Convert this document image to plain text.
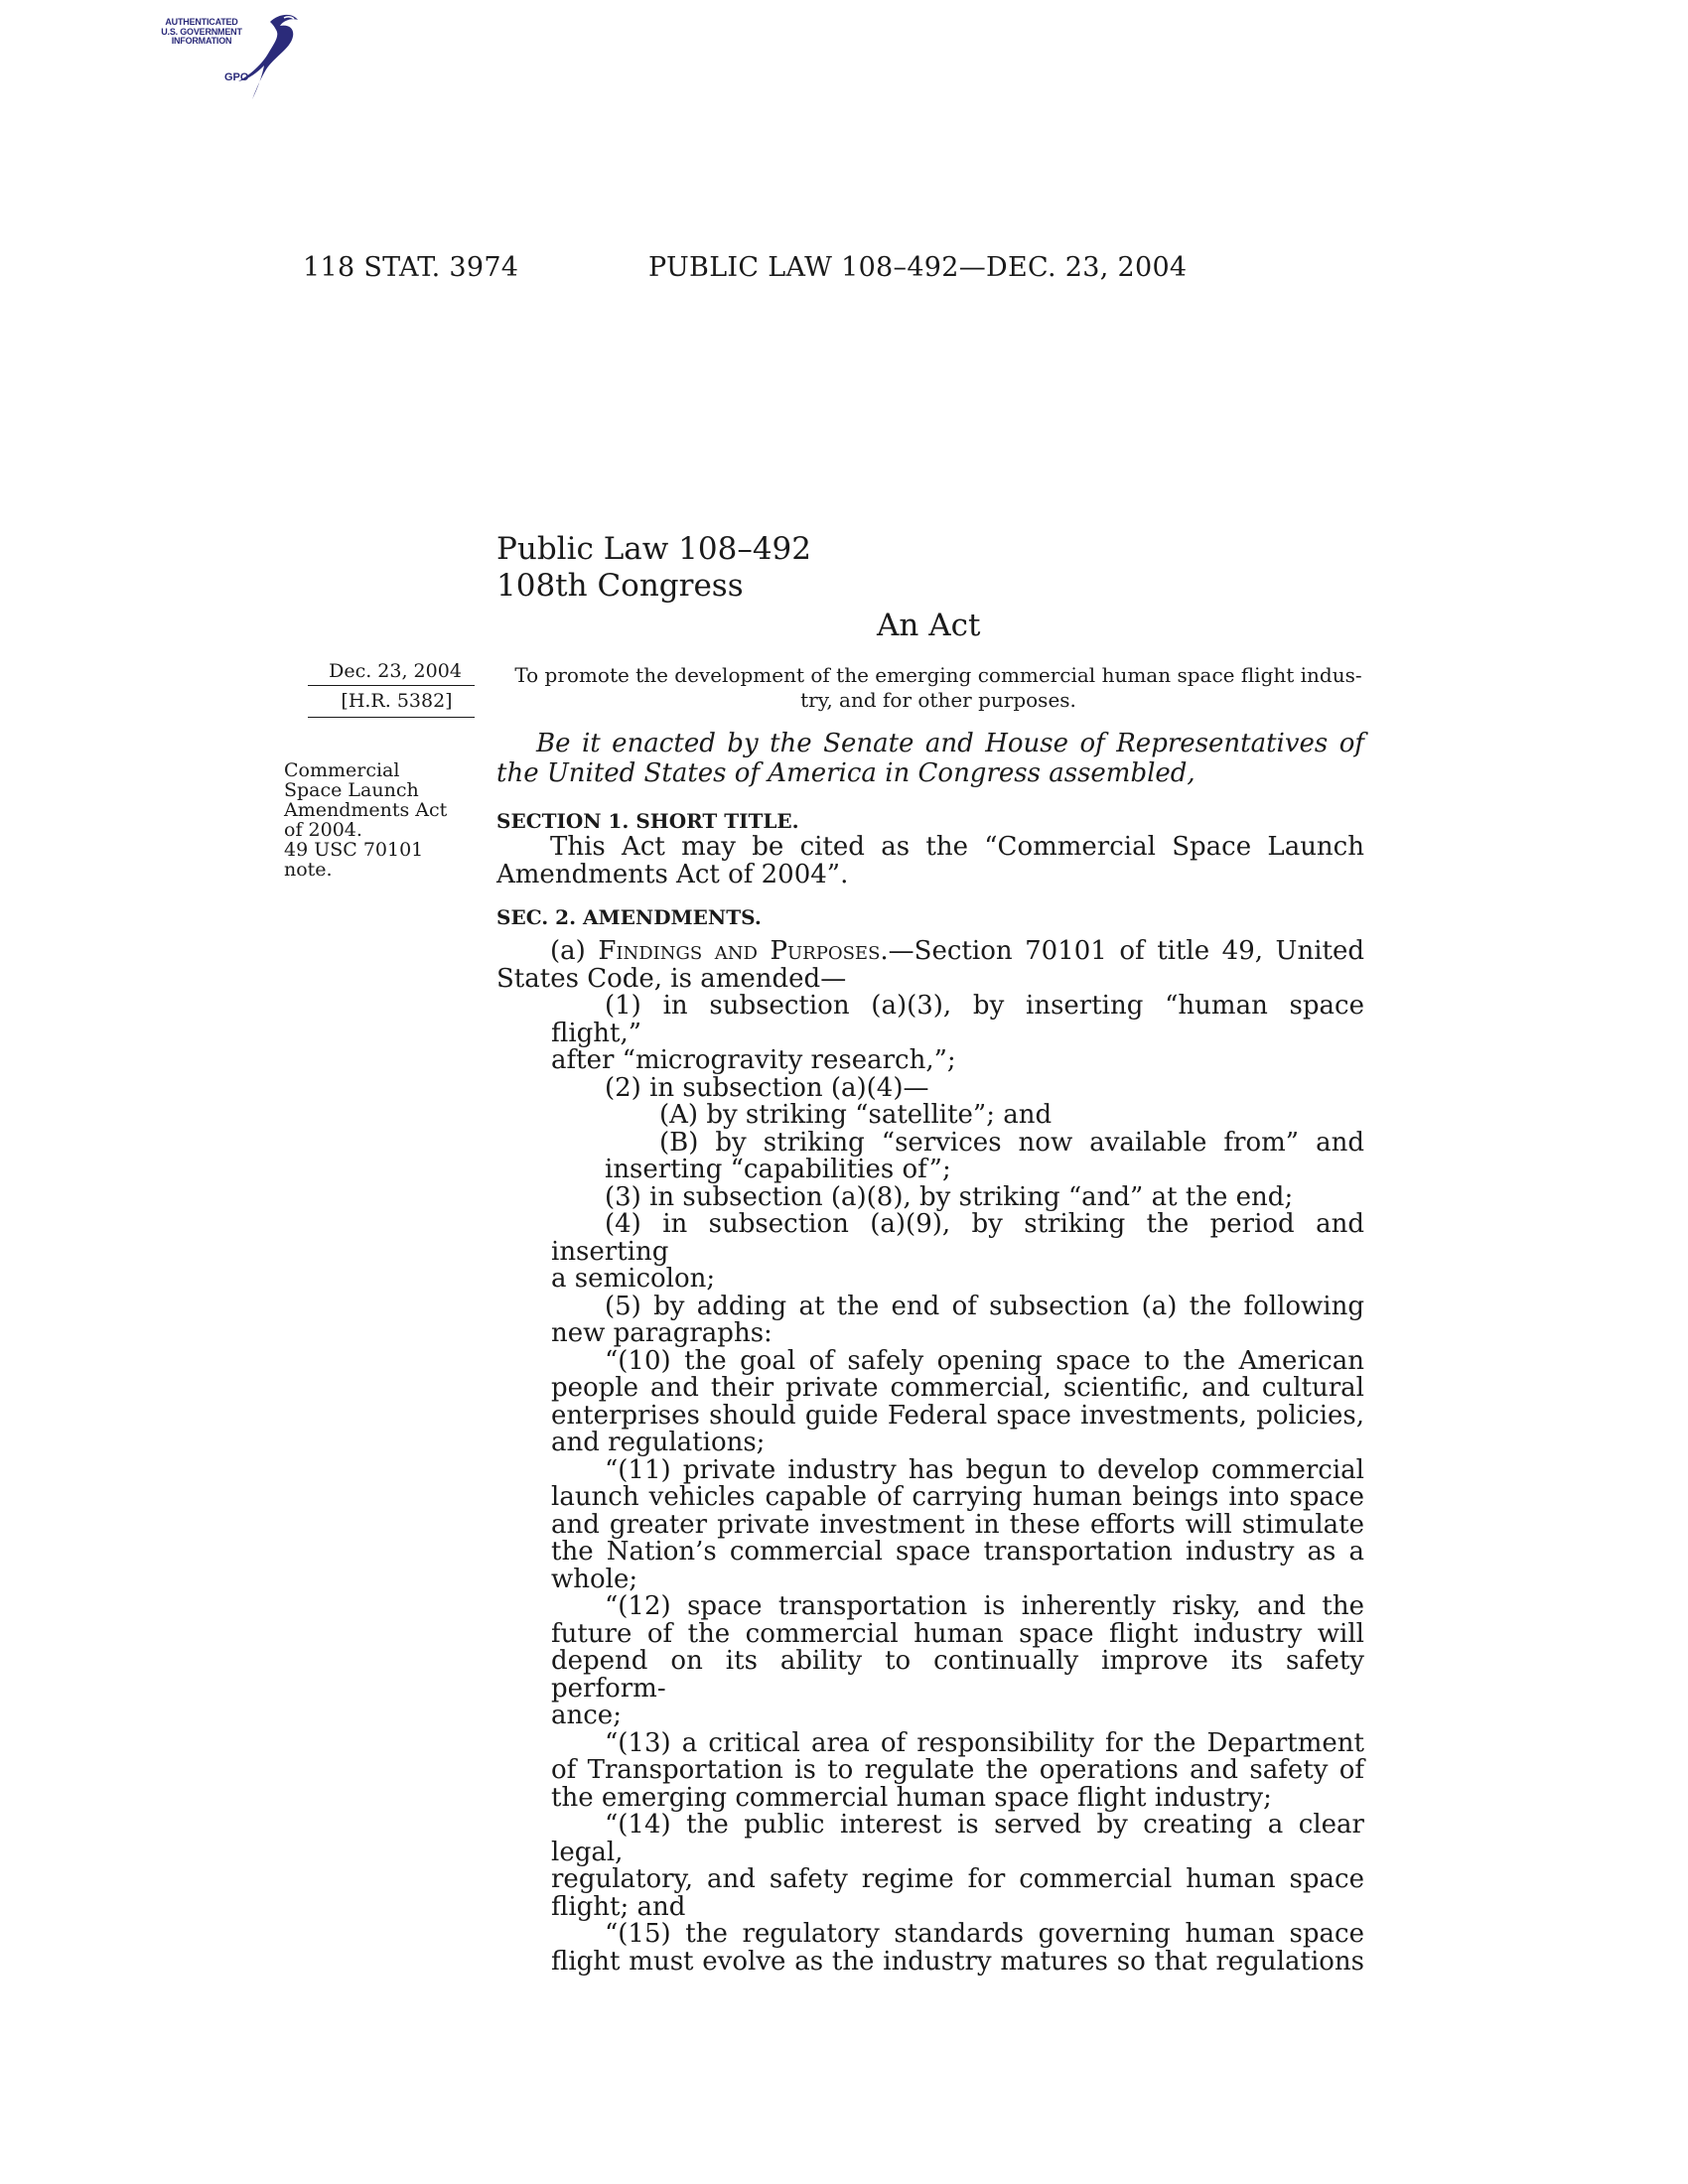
AUTHENTICATED
U.S. GOVERNMENT
INFORMATION
GPO
118 STAT. 3974	PUBLIC LAW 108–492—DEC. 23, 2004
Public Law 108–492
108th Congress
An Act
Dec. 23, 2004
[H.R. 5382]
To promote the development of the emerging commercial human space flight indus-
try, and for other purposes.
Commercial
Space Launch
Amendments Act
of 2004.
49 USC 70101
note.
Be it enacted by the Senate and House of Representatives of
the United States of America in Congress assembled,
SECTION 1. SHORT TITLE.
This Act may be cited as the “Commercial Space Launch
Amendments Act of 2004”.
SEC. 2. AMENDMENTS.
(a) Findings and Purposes.—Section 70101 of title 49, United
States Code, is amended—
(1) in subsection (a)(3), by inserting “human space flight,”
after “microgravity research,”;
(2) in subsection (a)(4)—
(A) by striking “satellite”; and
(B) by striking “services now available from” and
inserting “capabilities of”;
(3) in subsection (a)(8), by striking “and” at the end;
(4) in subsection (a)(9), by striking the period and inserting
a semicolon;
(5) by adding at the end of subsection (a) the following
new paragraphs:
“(10) the goal of safely opening space to the American
people and their private commercial, scientific, and cultural
enterprises should guide Federal space investments, policies,
and regulations;
“(11) private industry has begun to develop commercial
launch vehicles capable of carrying human beings into space
and greater private investment in these efforts will stimulate
the Nation’s commercial space transportation industry as a
whole;
“(12) space transportation is inherently risky, and the
future of the commercial human space flight industry will
depend on its ability to continually improve its safety perform-
ance;
“(13) a critical area of responsibility for the Department
of Transportation is to regulate the operations and safety of
the emerging commercial human space flight industry;
“(14) the public interest is served by creating a clear legal,
regulatory, and safety regime for commercial human space
flight; and
“(15) the regulatory standards governing human space
flight must evolve as the industry matures so that regulations
